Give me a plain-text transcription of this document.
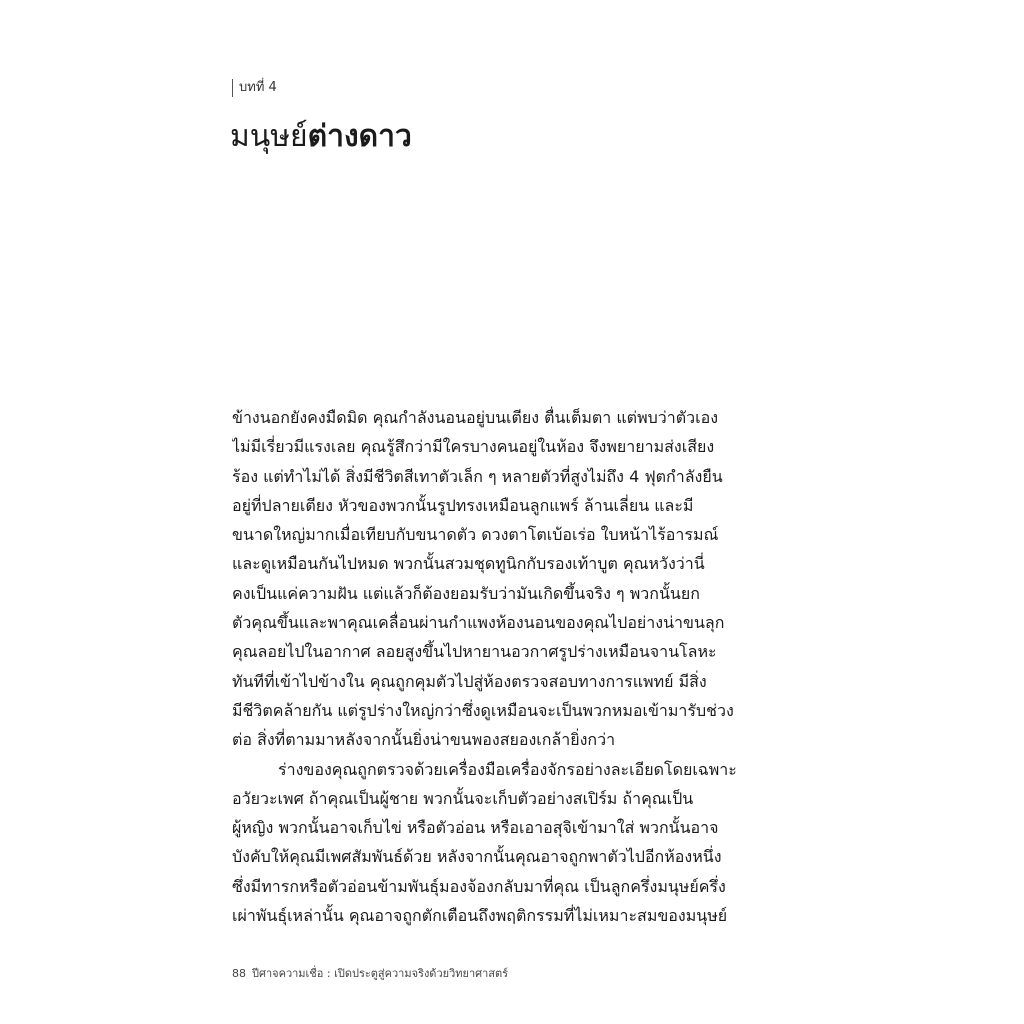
บทที่ 4
มนุษย์ต่างดาว
ข้างนอกยังคงมืดมิด คุณกำลังนอนอยู่บนเตียง ตื่นเต็มตา แต่พบว่าตัวเอง
ไม่มีเรี่ยวมีแรงเลย คุณรู้สึกว่ามีใครบางคนอยู่ในห้อง จึงพยายามส่งเสียง
ร้อง แต่ทำไม่ได้ สิ่งมีชีวิตสีเทาตัวเล็ก ๆ หลายตัวที่สูงไม่ถึง 4 ฟุตกำลังยืน
อยู่ที่ปลายเตียง หัวของพวกนั้นรูปทรงเหมือนลูกแพร์ ล้านเลี่ยน และมี
ขนาดใหญ่มากเมื่อเทียบกับขนาดตัว ดวงตาโตเบ้อเร่อ ใบหน้าไร้อารมณ์
และดูเหมือนกันไปหมด พวกนั้นสวมชุดทูนิกกับรองเท้าบูต คุณหวังว่านี่
คงเป็นแค่ความฝัน แต่แล้วก็ต้องยอมรับว่ามันเกิดขึ้นจริง ๆ พวกนั้นยก
ตัวคุณขึ้นและพาคุณเคลื่อนผ่านกำแพงห้องนอนของคุณไปอย่างน่าขนลุก
คุณลอยไปในอากาศ ลอยสูงขึ้นไปหายานอวกาศรูปร่างเหมือนจานโลหะ
ทันทีที่เข้าไปข้างใน คุณถูกคุมตัวไปสู่ห้องตรวจสอบทางการแพทย์ มีสิ่ง
มีชีวิตคล้ายกัน แต่รูปร่างใหญ่กว่าซึ่งดูเหมือนจะเป็นพวกหมอเข้ามารับช่วง
ต่อ สิ่งที่ตามมาหลังจากนั้นยิ่งน่าขนพองสยองเกล้ายิ่งกว่า
ร่างของคุณถูกตรวจด้วยเครื่องมือเครื่องจักรอย่างละเอียดโดยเฉพาะ
อวัยวะเพศ ถ้าคุณเป็นผู้ชาย พวกนั้นจะเก็บตัวอย่างสเปิร์ม ถ้าคุณเป็น
ผู้หญิง พวกนั้นอาจเก็บไข่ หรือตัวอ่อน หรือเอาอสุจิเข้ามาใส่ พวกนั้นอาจ
บังคับให้คุณมีเพศสัมพันธ์ด้วย หลังจากนั้นคุณอาจถูกพาตัวไปอีกห้องหนึ่ง
ซึ่งมีทารกหรือตัวอ่อนข้ามพันธุ์มองจ้องกลับมาที่คุณ เป็นลูกครึ่งมนุษย์ครึ่ง
เผ่าพันธุ์เหล่านั้น คุณอาจถูกตักเตือนถึงพฤติกรรมที่ไม่เหมาะสมของมนุษย์
88 ปีศาจความเชื่อ : เปิดประตูสู่ความจริงด้วยวิทยาศาสตร์
